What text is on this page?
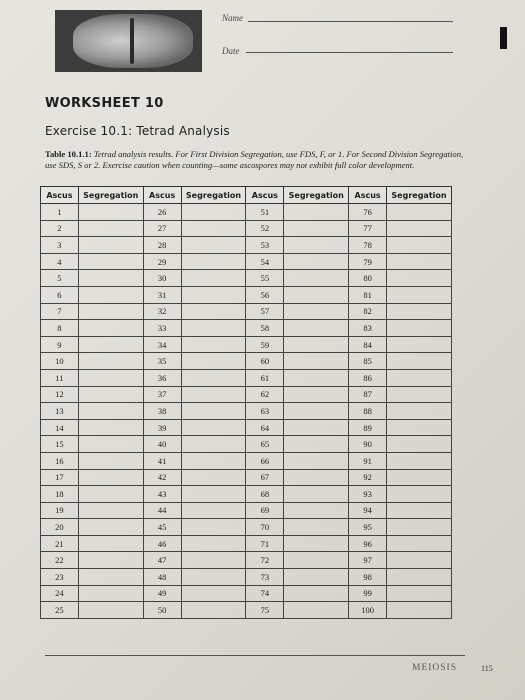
Name
Date
WORKSHEET 10
Exercise 10.1: Tetrad Analysis
Table 10.1.1: Tetrad analysis results. For First Division Segregation, use FDS, F, or 1. For Second Division Segregation, use SDS, S or 2. Exercise caution when counting—some ascospores may not exhibit full color development.
Ascus	Segregation	Ascus	Segregation	Ascus	Segregation	Ascus	Segregation
1		26		51		76	
2		27		52		77	
3		28		53		78	
4		29		54		79	
5		30		55		80	
6		31		56		81	
7		32		57		82	
8		33		58		83	
9		34		59		84	
10		35		60		85	
11		36		61		86	
12		37		62		87	
13		38		63		88	
14		39		64		89	
15		40		65		90	
16		41		66		91	
17		42		67		92	
18		43		68		93	
19		44		69		94	
20		45		70		95	
21		46		71		96	
22		47		72		97	
23		48		73		98	
24		49		74		99	
25		50		75		100	
MEIOSIS	115
